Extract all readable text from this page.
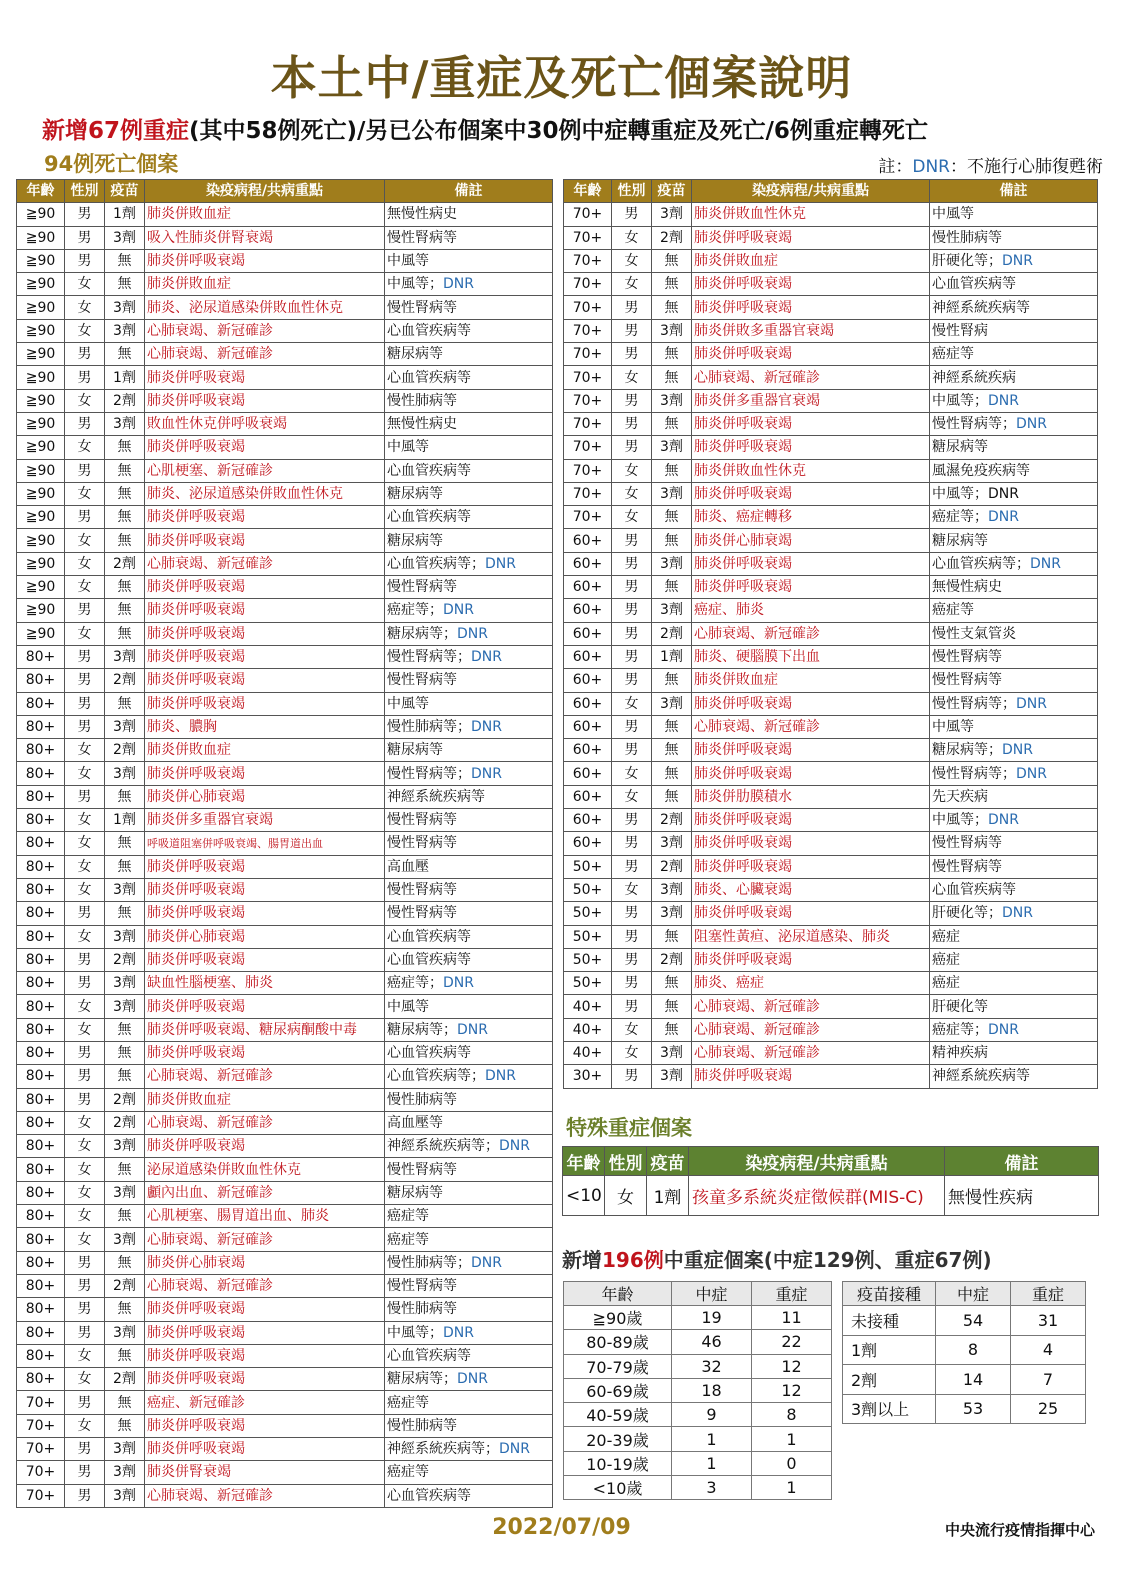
本土中/重症及死亡個案說明
新增67例重症(其中58例死亡)/另已公布個案中30例中症轉重症及死亡/6例重症轉死亡
94例死亡個案	註：DNR：不施行心肺復甦術
年齡	性別	疫苗	染疫病程/共病重點	備註
≧90	男	1劑	肺炎併敗血症	無慢性病史
≧90	男	3劑	吸入性肺炎併腎衰竭	慢性腎病等
≧90	男	無	肺炎併呼吸衰竭	中風等
≧90	女	無	肺炎併敗血症	中風等；DNR
≧90	女	3劑	肺炎、泌尿道感染併敗血性休克	慢性腎病等
≧90	女	3劑	心肺衰竭、新冠確診	心血管疾病等
≧90	男	無	心肺衰竭、新冠確診	糖尿病等
≧90	男	1劑	肺炎併呼吸衰竭	心血管疾病等
≧90	女	2劑	肺炎併呼吸衰竭	慢性肺病等
≧90	男	3劑	敗血性休克併呼吸衰竭	無慢性病史
≧90	女	無	肺炎併呼吸衰竭	中風等
≧90	男	無	心肌梗塞、新冠確診	心血管疾病等
≧90	女	無	肺炎、泌尿道感染併敗血性休克	糖尿病等
≧90	男	無	肺炎併呼吸衰竭	心血管疾病等
≧90	女	無	肺炎併呼吸衰竭	糖尿病等
≧90	女	2劑	心肺衰竭、新冠確診	心血管疾病等；DNR
≧90	女	無	肺炎併呼吸衰竭	慢性腎病等
≧90	男	無	肺炎併呼吸衰竭	癌症等；DNR
≧90	女	無	肺炎併呼吸衰竭	糖尿病等；DNR
80+	男	3劑	肺炎併呼吸衰竭	慢性腎病等；DNR
80+	男	2劑	肺炎併呼吸衰竭	慢性腎病等
80+	男	無	肺炎併呼吸衰竭	中風等
80+	男	3劑	肺炎、膿胸	慢性肺病等；DNR
80+	女	2劑	肺炎併敗血症	糖尿病等
80+	女	3劑	肺炎併呼吸衰竭	慢性腎病等；DNR
80+	男	無	肺炎併心肺衰竭	神經系統疾病等
80+	女	1劑	肺炎併多重器官衰竭	慢性腎病等
80+	女	無	呼吸道阻塞併呼吸衰竭、腸胃道出血	慢性腎病等
80+	女	無	肺炎併呼吸衰竭	高血壓
80+	女	3劑	肺炎併呼吸衰竭	慢性腎病等
80+	男	無	肺炎併呼吸衰竭	慢性腎病等
80+	女	3劑	肺炎併心肺衰竭	心血管疾病等
80+	男	2劑	肺炎併呼吸衰竭	心血管疾病等
80+	男	3劑	缺血性腦梗塞、肺炎	癌症等；DNR
80+	女	3劑	肺炎併呼吸衰竭	中風等
80+	女	無	肺炎併呼吸衰竭、糖尿病酮酸中毒	糖尿病等；DNR
80+	男	無	肺炎併呼吸衰竭	心血管疾病等
80+	男	無	心肺衰竭、新冠確診	心血管疾病等；DNR
80+	男	2劑	肺炎併敗血症	慢性肺病等
80+	女	2劑	心肺衰竭、新冠確診	高血壓等
80+	女	3劑	肺炎併呼吸衰竭	神經系統疾病等；DNR
80+	女	無	泌尿道感染併敗血性休克	慢性腎病等
80+	女	3劑	顱內出血、新冠確診	糖尿病等
80+	女	無	心肌梗塞、腸胃道出血、肺炎	癌症等
80+	女	3劑	心肺衰竭、新冠確診	癌症等
80+	男	無	肺炎併心肺衰竭	慢性肺病等；DNR
80+	男	2劑	心肺衰竭、新冠確診	慢性腎病等
80+	男	無	肺炎併呼吸衰竭	慢性肺病等
80+	男	3劑	肺炎併呼吸衰竭	中風等；DNR
80+	女	無	肺炎併呼吸衰竭	心血管疾病等
80+	女	2劑	肺炎併呼吸衰竭	糖尿病等；DNR
70+	男	無	癌症、新冠確診	癌症等
70+	女	無	肺炎併呼吸衰竭	慢性肺病等
70+	男	3劑	肺炎併呼吸衰竭	神經系統疾病等；DNR
70+	男	3劑	肺炎併腎衰竭	癌症等
70+	男	3劑	心肺衰竭、新冠確診	心血管疾病等
年齡	性別	疫苗	染疫病程/共病重點	備註
70+	男	3劑	肺炎併敗血性休克	中風等
70+	女	2劑	肺炎併呼吸衰竭	慢性肺病等
70+	女	無	肺炎併敗血症	肝硬化等；DNR
70+	女	無	肺炎併呼吸衰竭	心血管疾病等
70+	男	無	肺炎併呼吸衰竭	神經系統疾病等
70+	男	3劑	肺炎併敗多重器官衰竭	慢性腎病
70+	男	無	肺炎併呼吸衰竭	癌症等
70+	女	無	心肺衰竭、新冠確診	神經系統疾病
70+	男	3劑	肺炎併多重器官衰竭	中風等；DNR
70+	男	無	肺炎併呼吸衰竭	慢性腎病等；DNR
70+	男	3劑	肺炎併呼吸衰竭	糖尿病等
70+	女	無	肺炎併敗血性休克	風濕免疫疾病等
70+	女	3劑	肺炎併呼吸衰竭	中風等；DNR
70+	女	無	肺炎、癌症轉移	癌症等；DNR
60+	男	無	肺炎併心肺衰竭	糖尿病等
60+	男	3劑	肺炎併呼吸衰竭	心血管疾病等；DNR
60+	男	無	肺炎併呼吸衰竭	無慢性病史
60+	男	3劑	癌症、肺炎	癌症等
60+	男	2劑	心肺衰竭、新冠確診	慢性支氣管炎
60+	男	1劑	肺炎、硬腦膜下出血	慢性腎病等
60+	男	無	肺炎併敗血症	慢性腎病等
60+	女	3劑	肺炎併呼吸衰竭	慢性腎病等；DNR
60+	男	無	心肺衰竭、新冠確診	中風等
60+	男	無	肺炎併呼吸衰竭	糖尿病等；DNR
60+	女	無	肺炎併呼吸衰竭	慢性腎病等；DNR
60+	女	無	肺炎併肋膜積水	先天疾病
60+	男	2劑	肺炎併呼吸衰竭	中風等；DNR
60+	男	3劑	肺炎併呼吸衰竭	慢性腎病等
50+	男	2劑	肺炎併呼吸衰竭	慢性腎病等
50+	女	3劑	肺炎、心臟衰竭	心血管疾病等
50+	男	3劑	肺炎併呼吸衰竭	肝硬化等；DNR
50+	男	無	阻塞性黃疸、泌尿道感染、肺炎	癌症
50+	男	2劑	肺炎併呼吸衰竭	癌症
50+	男	無	肺炎、癌症	癌症
40+	男	無	心肺衰竭、新冠確診	肝硬化等
40+	女	無	心肺衰竭、新冠確診	癌症等；DNR
40+	女	3劑	心肺衰竭、新冠確診	精神疾病
30+	男	3劑	肺炎併呼吸衰竭	神經系統疾病等
特殊重症個案
年齡	性別	疫苗	染疫病程/共病重點	備註
<10	女	1劑	孩童多系統炎症徵候群(MIS-C)	無慢性疾病
新增196例中重症個案(中症129例、重症67例)
年齡	中症	重症
≧90歲	19	11
80-89歲	46	22
70-79歲	32	12
60-69歲	18	12
40-59歲	9	8
20-39歲	1	1
10-19歲	1	0
<10歲	3	1
疫苗接種	中症	重症
未接種	54	31
1劑	8	4
2劑	14	7
3劑以上	53	25
2022/07/09	中央流行疫情指揮中心
